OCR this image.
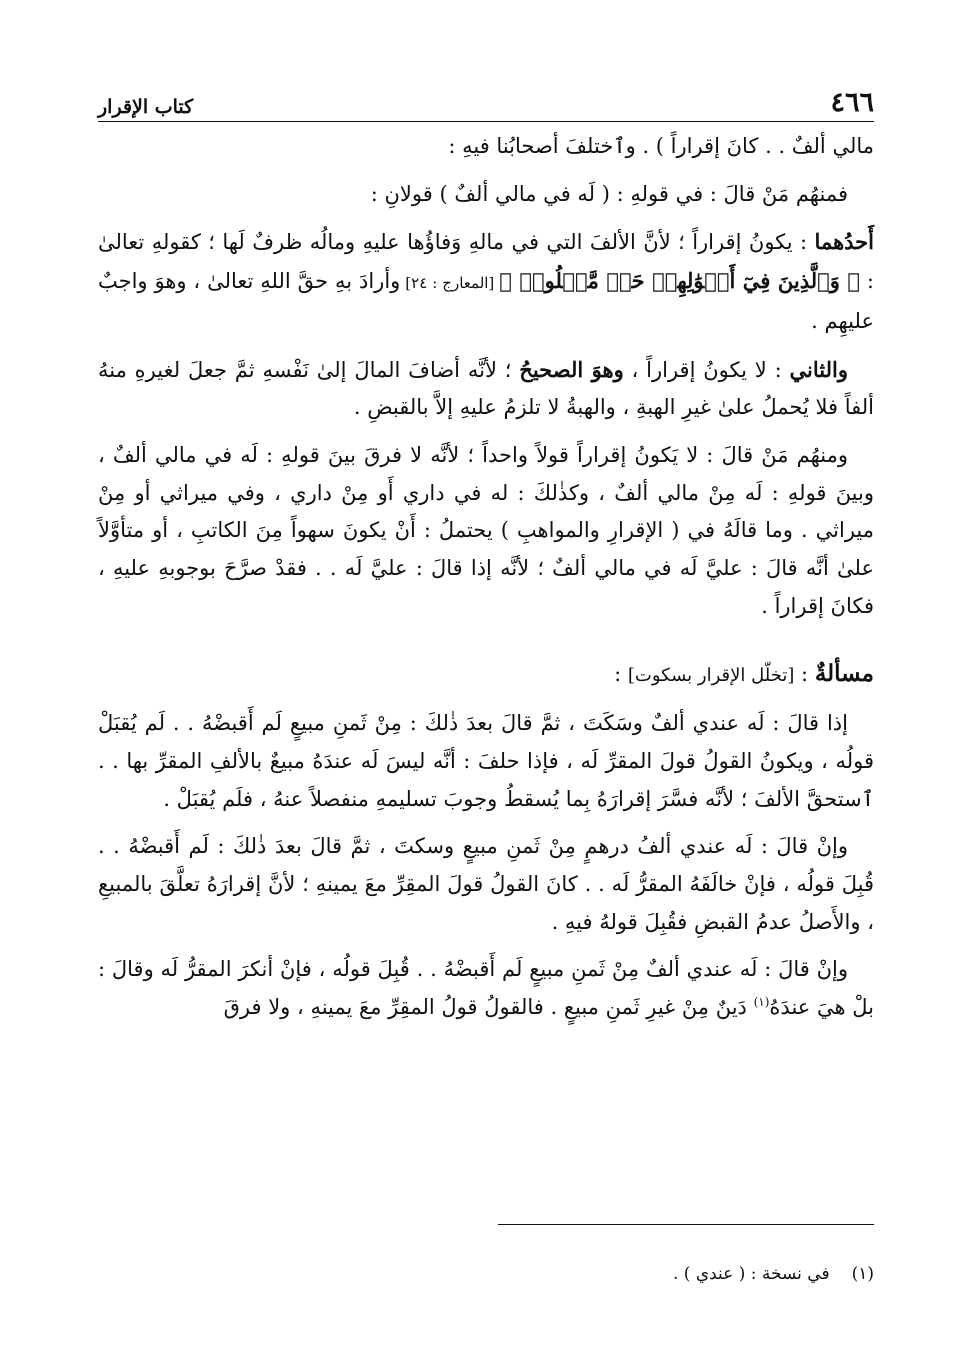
٤٦٦
كتاب الإقرار

مالي ألفٌ . . كانَ إقراراً ) . وٱختلفَ أصحابُنا فيهِ :

فمنهُم مَنْ قالَ : في قولهِ : ( لَه في مالي ألفٌ ) قولانِ :

أَحدُهما : يكونُ إقراراً ؛ لأنَّ الألفَ التي في مالهِ وَفاؤُها عليهِ ومالُه ظرفٌ لَها ؛ كقولهِ تعالىٰ : ﴿ وَٱلَّذِينَ فِيٓ أَمۡوَٰلِهِمۡ حَقٞ مَّعۡلُومٞ ﴾ [المعارج : ٢٤] وأرادَ بهِ حقَّ اللهِ تعالىٰ ، وهوَ واجبٌ عليهِم .

والثاني : لا يكونُ إقراراً ، وهوَ الصحيحُ ؛ لأنَّه أضافَ المالَ إلىٰ نَفْسهِ ثمَّ جعلَ لغيرهِ منهُ ألفاً فلا يُحملُ علىٰ غيرِ الهبةِ ، والهبةُ لا تلزمُ عليهِ إلاَّ بالقبضِ .

ومنهُم مَنْ قالَ : لا يَكونُ إقراراً قولاً واحداً ؛ لأنَّه لا فرقَ بينَ قولهِ : لَه في مالي ألفٌ ، وبينَ قولهِ : لَه مِنْ مالي ألفٌ ، وكذٰلكَ : له في داري أَو مِنْ داري ، وفي ميراثي أو مِنْ ميراثي . وما قالَهُ في ( الإقرارِ والمواهبِ ) يحتملُ : أَنْ يكونَ سهواً مِنَ الكاتبِ ، أو متأوَّلاً علىٰ أنَّه قالَ : عليَّ لَه في مالي ألفٌ ؛ لأنَّه إذا قالَ : عليَّ لَه . . فقدْ صرَّحَ بوجوبهِ عليهِ ، فكانَ إقراراً .

مسألةٌ : [تخلّل الإقرار بسكوت] :

إذا قالَ : لَه عندي ألفٌ وسَكَتَ ، ثمَّ قالَ بعدَ ذٰلكَ : مِنْ ثَمنِ مبيعٍ لَم أَقبضْهُ . . لَم يُقبَلْ قولُه ، ويكونُ القولُ قولَ المقرِّ لَه ، فإذا حلفَ : أنَّه ليسَ لَه عندَهُ مبيعٌ بالألفِ المقرِّ بها . . ٱستحقَّ الألفَ ؛ لأنَّه فسَّرَ إقرارَهُ بِما يُسقطُ وجوبَ تسليمهِ منفصلاً عنهُ ، فلَم يُقبَلْ .

وإنْ قالَ : لَه عندي ألفُ درهمٍ مِنْ ثَمنِ مبيعٍ وسكتَ ، ثمَّ قالَ بعدَ ذٰلكَ : لَم أَقبضْهُ . . قُبِلَ قولُه ، فإنْ خالَفَهُ المقرُّ لَه . . كانَ القولُ قولَ المقِرِّ معَ يمينهِ ؛ لأنَّ إقرارَهُ تعلَّقَ بالمبيعِ ، والأَصلُ عدمُ القبضِ فقُبِلَ قولهُ فيهِ .

وإنْ قالَ : لَه عندي ألفٌ مِنْ ثَمنِ مبيعٍ لَم أَقبضْهُ . . قُبِلَ قولُه ، فإنْ أنكرَ المقرُّ لَه وقالَ : بلْ هيَ عندَهُ$^{(١)}$ دَينٌ مِنْ غيرِ ثَمنِ مبيعٍ . فالقولُ قولُ المقِرِّ معَ يمينهِ ، ولا فرقَ

(١)في نسخة : ( عندي ) .
